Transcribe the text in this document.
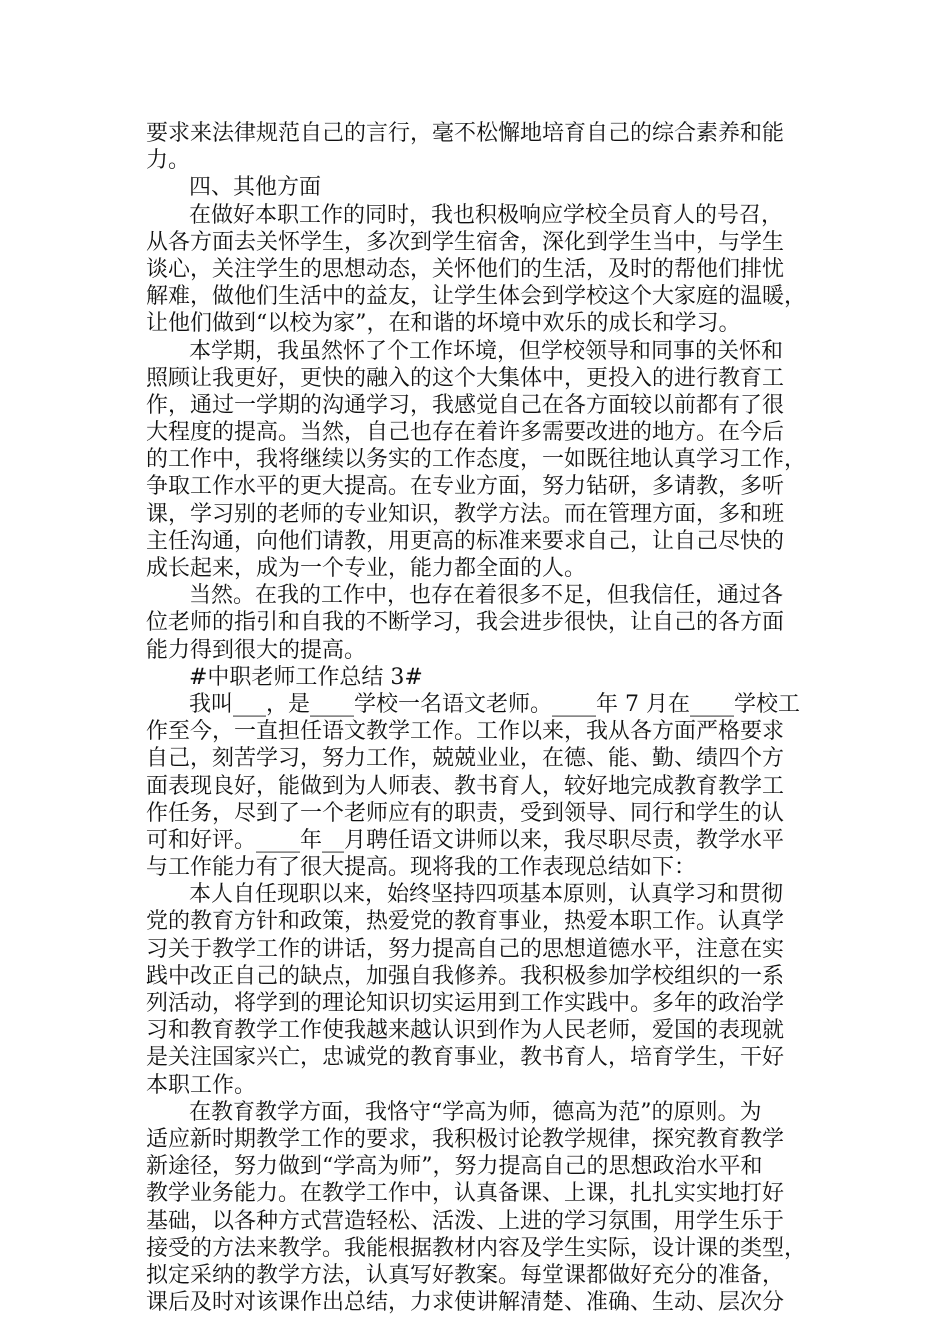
要求来法律规范自己的言行，毫不松懈地培育自己的综合素养和能
力。
四、其他方面
在做好本职工作的同时，我也积极响应学校全员育人的号召，
从各方面去关怀学生，多次到学生宿舍，深化到学生当中，与学生
谈心，关注学生的思想动态，关怀他们的生活，及时的帮他们排忧
解难，做他们生活中的益友，让学生体会到学校这个大家庭的温暖，
让他们做到“以校为家”，在和谐的坏境中欢乐的成长和学习。
本学期，我虽然怀了个工作坏境，但学校领导和同事的关怀和
照顾让我更好，更快的融入的这个大集体中，更投入的进行教育工
作，通过一学期的沟通学习，我感觉自己在各方面较以前都有了很
大程度的提高。当然，自己也存在着许多需要改进的地方。在今后
的工作中，我将继续以务实的工作态度，一如既往地认真学习工作，
争取工作水平的更大提高。在专业方面，努力钻研，多请教，多听
课，学习别的老师的专业知识，教学方法。而在管理方面，多和班
主任沟通，向他们请教，用更高的标准来要求自己，让自己尽快的
成长起来，成为一个专业，能力都全面的人。
当然。在我的工作中，也存在着很多不足，但我信任，通过各
位老师的指引和自我的不断学习，我会进步很快，让自己的各方面
能力得到很大的提高。
#中职老师工作总结 3#
我叫___，是____学校一名语文老师。____年 7 月在____学校工
作至今，一直担任语文教学工作。工作以来，我从各方面严格要求
自己，刻苦学习，努力工作，兢兢业业，在德、能、勤、绩四个方
面表现良好，能做到为人师表、教书育人，较好地完成教育教学工
作任务，尽到了一个老师应有的职责，受到领导、同行和学生的认
可和好评。____年__月聘任语文讲师以来，我尽职尽责，教学水平
与工作能力有了很大提高。现将我的工作表现总结如下：
本人自任现职以来，始终坚持四项基本原则，认真学习和贯彻
党的教育方针和政策，热爱党的教育事业，热爱本职工作。认真学
习关于教学工作的讲话，努力提高自己的思想道德水平，注意在实
践中改正自己的缺点，加强自我修养。我积极参加学校组织的一系
列活动，将学到的理论知识切实运用到工作实践中。多年的政治学
习和教育教学工作使我越来越认识到作为人民老师，爱国的表现就
是关注国家兴亡，忠诚党的教育事业，教书育人，培育学生，干好
本职工作。
在教育教学方面，我恪守“学高为师，德高为范”的原则。为
适应新时期教学工作的要求，我积极讨论教学规律，探究教育教学
新途径，努力做到“学高为师”，努力提高自己的思想政治水平和
教学业务能力。在教学工作中，认真备课、上课，扎扎实实地打好
基础，以各种方式营造轻松、活泼、上进的学习氛围，用学生乐于
接受的方法来教学。我能根据教材内容及学生实际，设计课的类型，
拟定采纳的教学方法，认真写好教案。每堂课都做好充分的准备，
课后及时对该课作出总结，力求使讲解清楚、准确、生动、层次分
